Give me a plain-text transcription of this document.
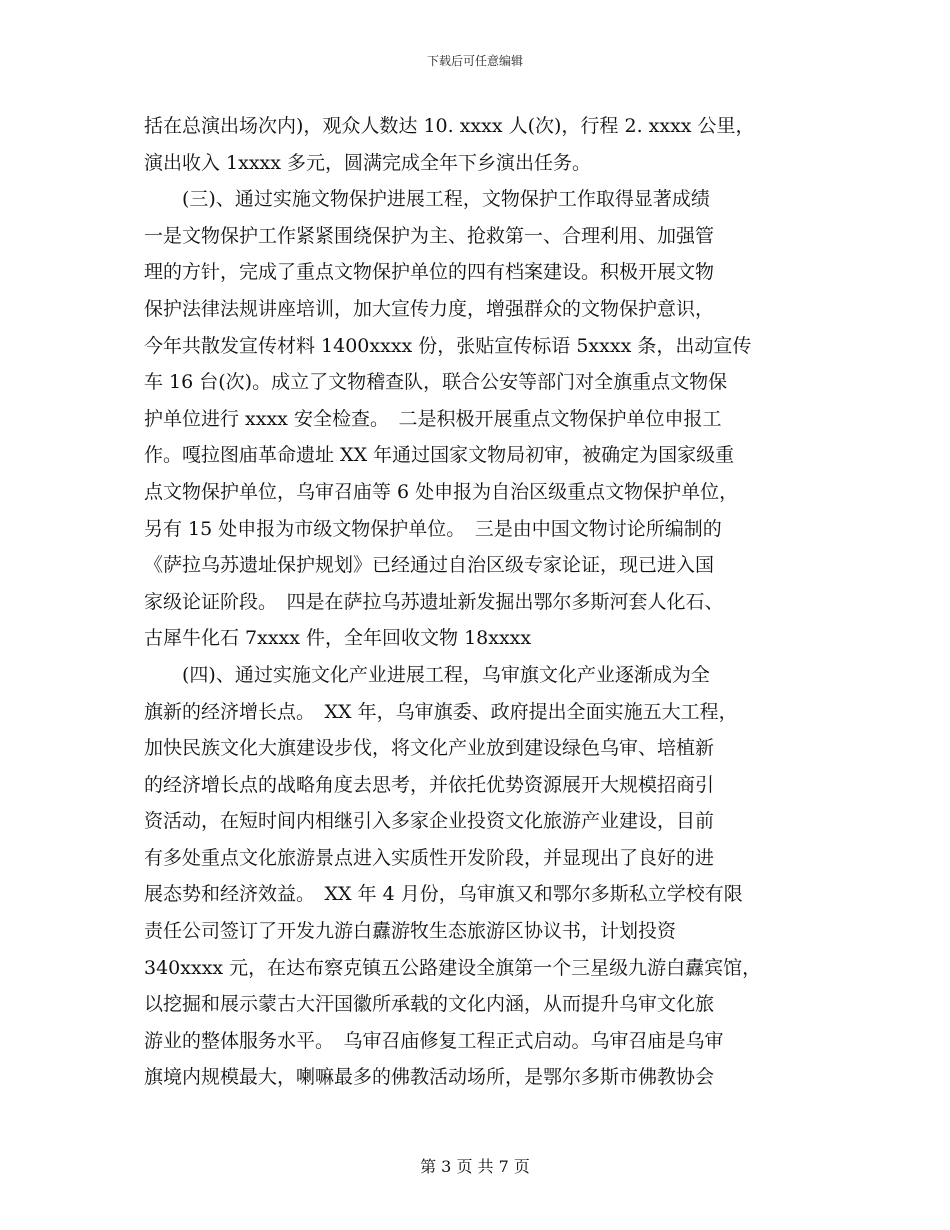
下载后可任意编辑
括在总演出场次内)，观众人数达 10. xxxx 人(次)，行程 2. xxxx 公里，
演出收入 1xxxx 多元，圆满完成全年下乡演出任务。
　　(三)、通过实施文物保护进展工程，文物保护工作取得显著成绩
一是文物保护工作紧紧围绕保护为主、抢救第一、合理利用、加强管
理的方针，完成了重点文物保护单位的四有档案建设。积极开展文物
保护法律法规讲座培训，加大宣传力度，增强群众的文物保护意识，
今年共散发宣传材料 1400xxxx 份，张贴宣传标语 5xxxx 条，出动宣传
车 16 台(次)。成立了文物稽查队，联合公安等部门对全旗重点文物保
护单位进行 xxxx 安全检查。　二是积极开展重点文物保护单位申报工
作。嘎拉图庙革命遗址 XX 年通过国家文物局初审，被确定为国家级重
点文物保护单位，乌审召庙等 6 处申报为自治区级重点文物保护单位，
另有 15 处申报为市级文物保护单位。　三是由中国文物讨论所编制的
《萨拉乌苏遗址保护规划》已经通过自治区级专家论证，现已进入国
家级论证阶段。　四是在萨拉乌苏遗址新发掘出鄂尔多斯河套人化石、
古犀牛化石 7xxxx 件，全年回收文物 18xxxx
　　(四)、通过实施文化产业进展工程，乌审旗文化产业逐渐成为全
旗新的经济增长点。　XX 年，乌审旗委、政府提出全面实施五大工程，
加快民族文化大旗建设步伐，将文化产业放到建设绿色乌审、培植新
的经济增长点的战略角度去思考，并依托优势资源展开大规模招商引
资活动，在短时间内相继引入多家企业投资文化旅游产业建设，目前
有多处重点文化旅游景点进入实质性开发阶段，并显现出了良好的进
展态势和经济效益。　XX 年 4 月份，乌审旗又和鄂尔多斯私立学校有限
责任公司签订了开发九游白纛游牧生态旅游区协议书，计划投资
340xxxx 元，在达布察克镇五公路建设全旗第一个三星级九游白纛宾馆，
以挖掘和展示蒙古大汗国徽所承载的文化内涵，从而提升乌审文化旅
游业的整体服务水平。　乌审召庙修复工程正式启动。乌审召庙是乌审
旗境内规模最大，喇嘛最多的佛教活动场所，是鄂尔多斯市佛教协会
第 3 页 共 7 页
